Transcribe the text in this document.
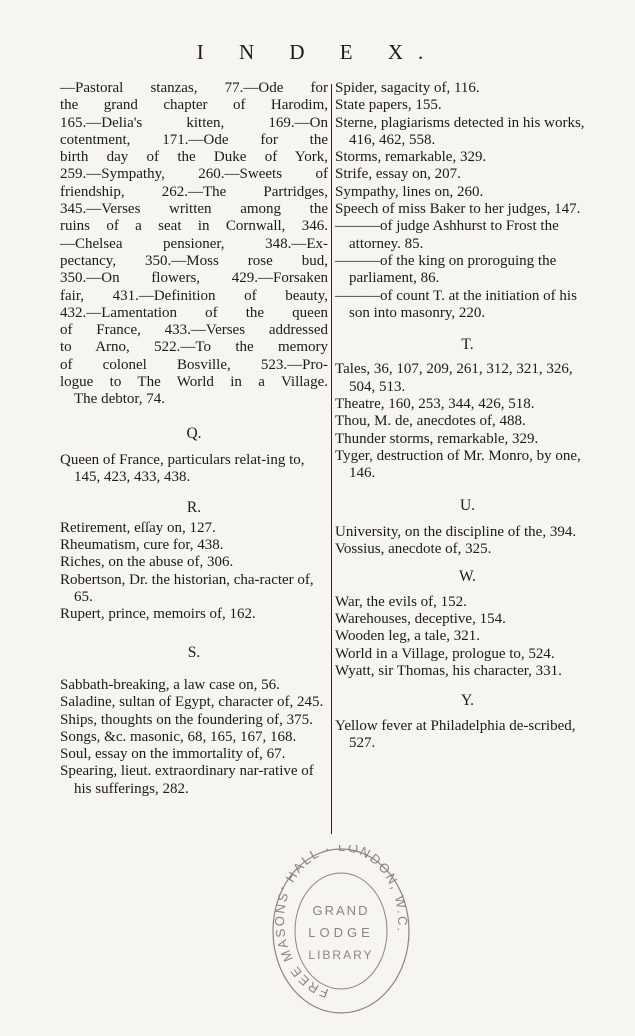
I N D E X.
—Pastoral stanzas, 77.—Ode for
the grand chapter of Harodim,
165.—Delia's kitten, 169.—On
cotentment, 171.—Ode for the
birth day of the Duke of York,
259.—Sympathy, 260.—Sweets of
friendship, 262.—The Partridges,
345.—Verses written among the
ruins of a seat in Cornwall, 346.
—Chelsea pensioner, 348.—Ex-
pectancy, 350.—Moss rose bud,
350.—On flowers, 429.—Forsaken
fair, 431.—Definition of beauty,
432.—Lamentation of the queen
of France, 433.—Verses addressed
to Arno, 522.—To the memory
of colonel Bosville, 523.—Pro-
logue to The World in a Village.
The debtor, 74.

Q.

Queen of France, particulars relat-ing to, 145, 423, 433, 438.

R.

Retirement, eſſay on, 127.

Rheumatism, cure for, 438.

Riches, on the abuse of, 306.

Robertson, Dr. the historian, cha-racter of, 65.

Rupert, prince, memoirs of, 162.

S.

Sabbath-breaking, a law case on, 56.

Saladine, sultan of Egypt, character of, 245.

Ships, thoughts on the foundering of, 375.

Songs, &c. masonic, 68, 165, 167, 168.

Soul, essay on the immortality of, 67.

Spearing, lieut. extraordinary nar-rative of his sufferings, 282.

Spider, sagacity of, 116.

State papers, 155.

Sterne, plagiarisms detected in his works, 416, 462, 558.

Storms, remarkable, 329.

Strife, essay on, 207.

Sympathy, lines on, 260.

Speech of miss Baker to her judges, 147.

———of judge Ashhurst to Frost the attorney. 85.

———of the king on proroguing the parliament, 86.

———of count T. at the initiation of his son into masonry, 220.

T.

Tales, 36, 107, 209, 261, 312, 321, 326, 504, 513.

Theatre, 160, 253, 344, 426, 518.

Thou, M. de, anecdotes of, 488.

Thunder storms, remarkable, 329.

Tyger, destruction of Mr. Monro, by one, 146.

U.

University, on the discipline of the, 394.

Vossius, anecdote of, 325.

W.

War, the evils of, 152.

Warehouses, deceptive, 154.

Wooden leg, a tale, 321.

World in a Village, prologue to, 524.

Wyatt, sir Thomas, his character, 331.

Y.

Yellow fever at Philadelphia de-scribed, 527.

FREE MASONS' HALL · LONDON, W.C.
GRAND
LODGE
LIBRARY
